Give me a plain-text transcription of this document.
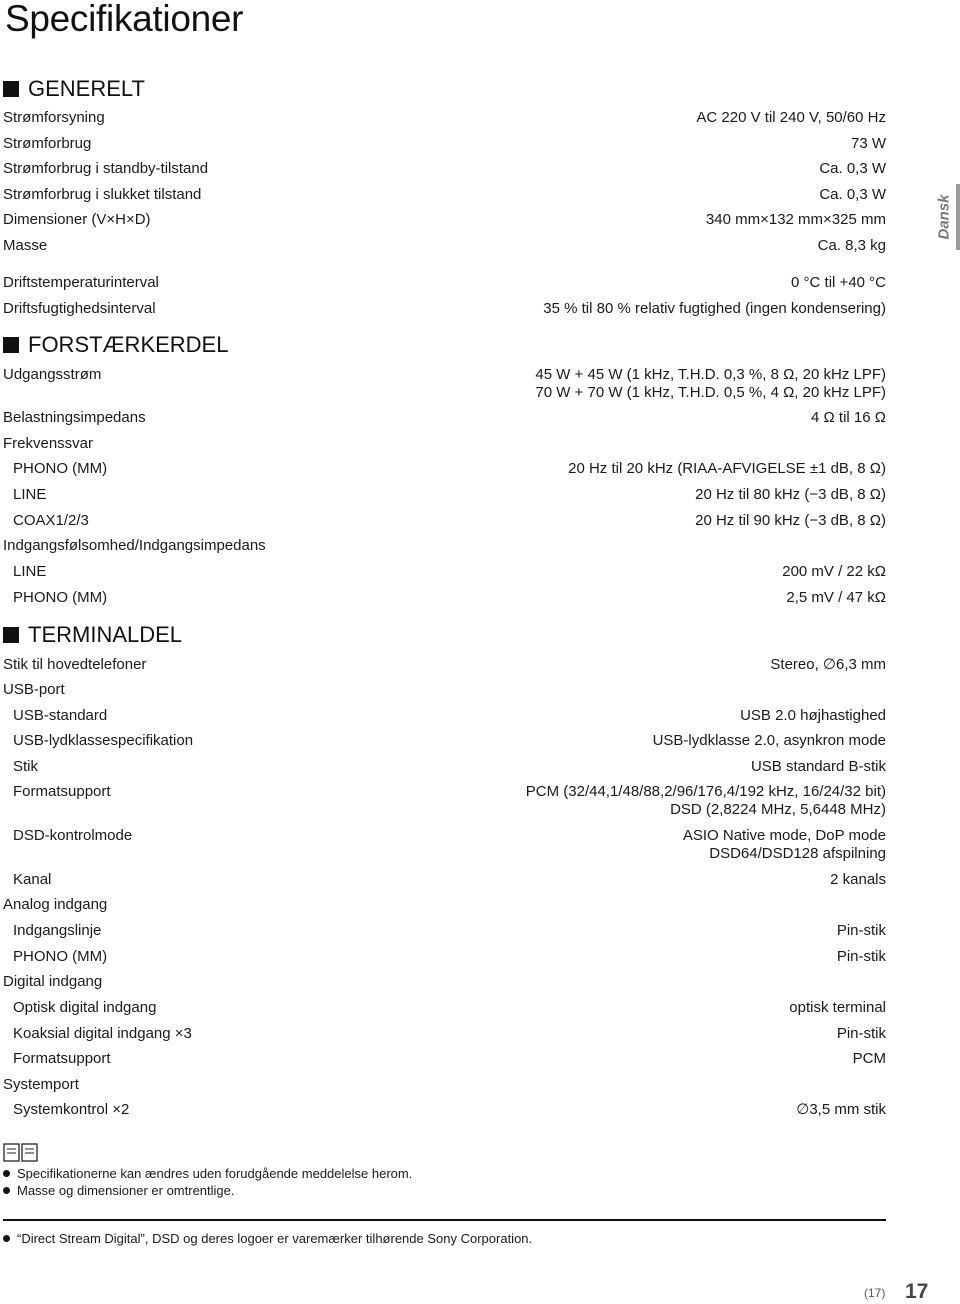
Specifikationer
Dansk
GENERELT
Strømforsyning	AC 220 V til 240 V, 50/60 Hz
Strømforbrug	73 W
Strømforbrug i standby-tilstand	Ca. 0,3 W
Strømforbrug i slukket tilstand	Ca. 0,3 W
Dimensioner (V×H×D)	340 mm×132 mm×325 mm
Masse	Ca. 8,3 kg
Driftstemperaturinterval	0 °C til +40 °C
Driftsfugtighedsinterval	35 % til 80 % relativ fugtighed (ingen kondensering)
FORSTÆRKERDEL
Udgangsstrøm	45 W + 45 W (1 kHz, T.H.D. 0,3 %, 8 Ω, 20 kHz LPF)
70 W + 70 W (1 kHz, T.H.D. 0,5 %, 4 Ω, 20 kHz LPF)
Belastningsimpedans	4 Ω til 16 Ω
Frekvenssvar
PHONO (MM)	20 Hz til 20 kHz (RIAA-AFVIGELSE ±1 dB, 8 Ω)
LINE	20 Hz til 80 kHz (−3 dB, 8 Ω)
COAX1/2/3	20 Hz til 90 kHz (−3 dB, 8 Ω)
Indgangsfølsomhed/Indgangsimpedans
LINE	200 mV / 22 kΩ
PHONO (MM)	2,5 mV / 47 kΩ
TERMINALDEL
Stik til hovedtelefoner	Stereo, ∅6,3 mm
USB-port
USB-standard	USB 2.0 højhastighed
USB-lydklassespecifikation	USB-lydklasse 2.0, asynkron mode
Stik	USB standard B-stik
Formatsupport	PCM (32/44,1/48/88,2/96/176,4/192 kHz, 16/24/32 bit)
DSD (2,8224 MHz, 5,6448 MHz)
DSD-kontrolmode	ASIO Native mode, DoP mode
DSD64/DSD128 afspilning
Kanal	2 kanals
Analog indgang
Indgangslinje	Pin-stik
PHONO (MM)	Pin-stik
Digital indgang
Optisk digital indgang	optisk terminal
Koaksial digital indgang ×3	Pin-stik
Formatsupport	PCM
Systemport
Systemkontrol ×2	∅3,5 mm stik
Specifikationerne kan ændres uden forudgående meddelelse herom.
Masse og dimensioner er omtrentlige.
“Direct Stream Digital”, DSD og deres logoer er varemærker tilhørende Sony Corporation.
(17) 17
